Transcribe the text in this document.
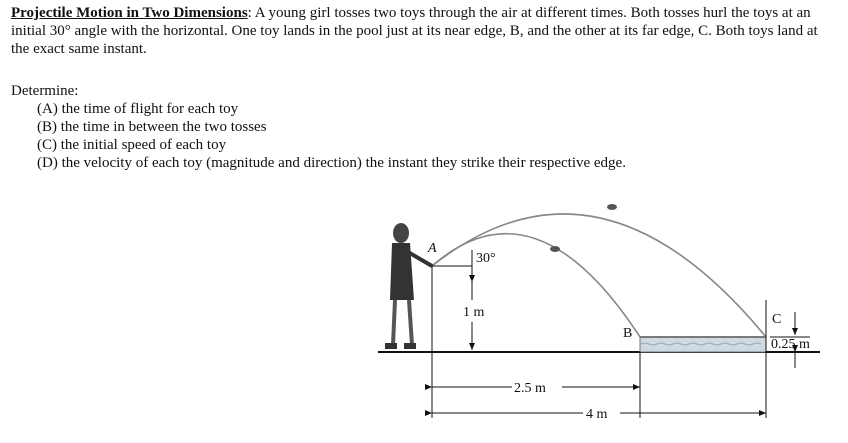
Projectile Motion in Two Dimensions: A young girl tosses two toys through the air at different times. Both tosses hurl the toys at an initial 30° angle with the horizontal. One toy lands in the pool just at its near edge, B, and the other at its far edge, C. Both toys land at the exact same instant.
Determine:
(A) the time of flight for each toy
(B) the time in between the two tosses
(C) the initial speed of each toy
(D) the velocity of each toy (magnitude and direction) the instant they strike their respective edge.
A
30°
1 m
B
C
0.25 m
2.5 m
4 m
